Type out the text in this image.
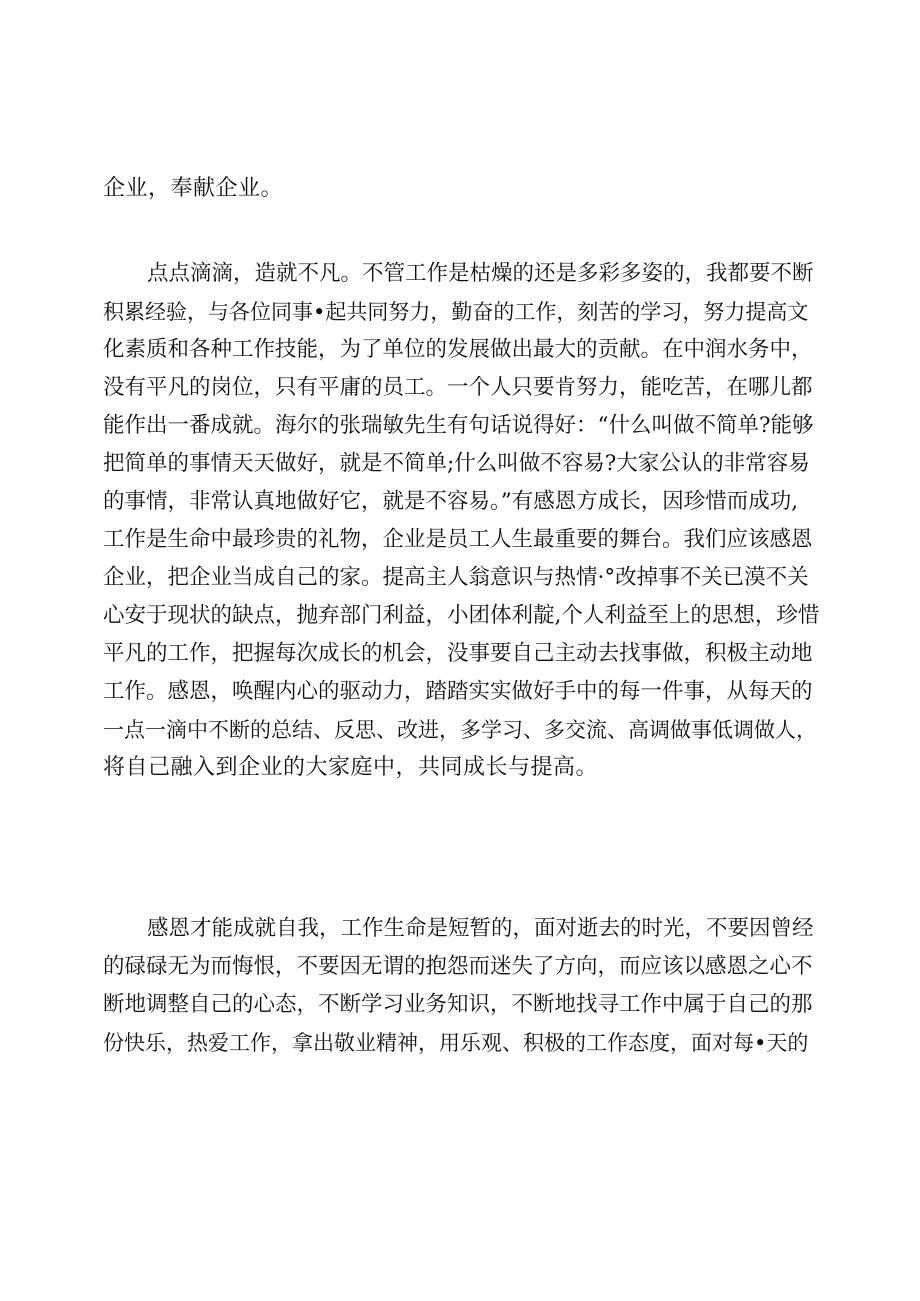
企业，奉献企业。
点点滴滴，造就不凡。不管工作是枯燥的还是多彩多姿的，我都要不断
积累经验，与各位同事•起共同努力，勤奋的工作，刻苦的学习，努力提高文
化素质和各种工作技能，为了单位的发展做出最大的贡献。在中润水务中，
没有平凡的岗位，只有平庸的员工。一个人只要肯努力，能吃苦，在哪儿都
能作出一番成就。海尔的张瑞敏先生有句话说得好：“什么叫做不简单?能够
把简单的事情天天做好，就是不简单;什么叫做不容易?大家公认的非常容易
的事情，非常认真地做好它，就是不容易。”有感恩方成长，因珍惜而成功,
工作是生命中最珍贵的礼物，企业是员工人生最重要的舞台。我们应该感恩
企业，把企业当成自己的家。提高主人翁意识与热情·°改掉事不关已漠不关
心安于现状的缺点，抛弃部门利益，小团体利靛,个人利益至上的思想，珍惜
平凡的工作，把握每次成长的机会，没事要自己主动去找事做，积极主动地
工作。感恩，唤醒内心的驱动力，踏踏实实做好手中的每一件事，从每天的
一点一滴中不断的总结、反思、改进，多学习、多交流、高调做事低调做人，
将自己融入到企业的大家庭中，共同成长与提高。
感恩才能成就自我，工作生命是短暂的，面对逝去的时光，不要因曾经
的碌碌无为而悔恨，不要因无谓的抱怨而迷失了方向，而应该以感恩之心不
断地调整自己的心态，不断学习业务知识，不断地找寻工作中属于自己的那
份快乐，热爱工作，拿出敬业精神，用乐观、积极的工作态度，面对每•天的
